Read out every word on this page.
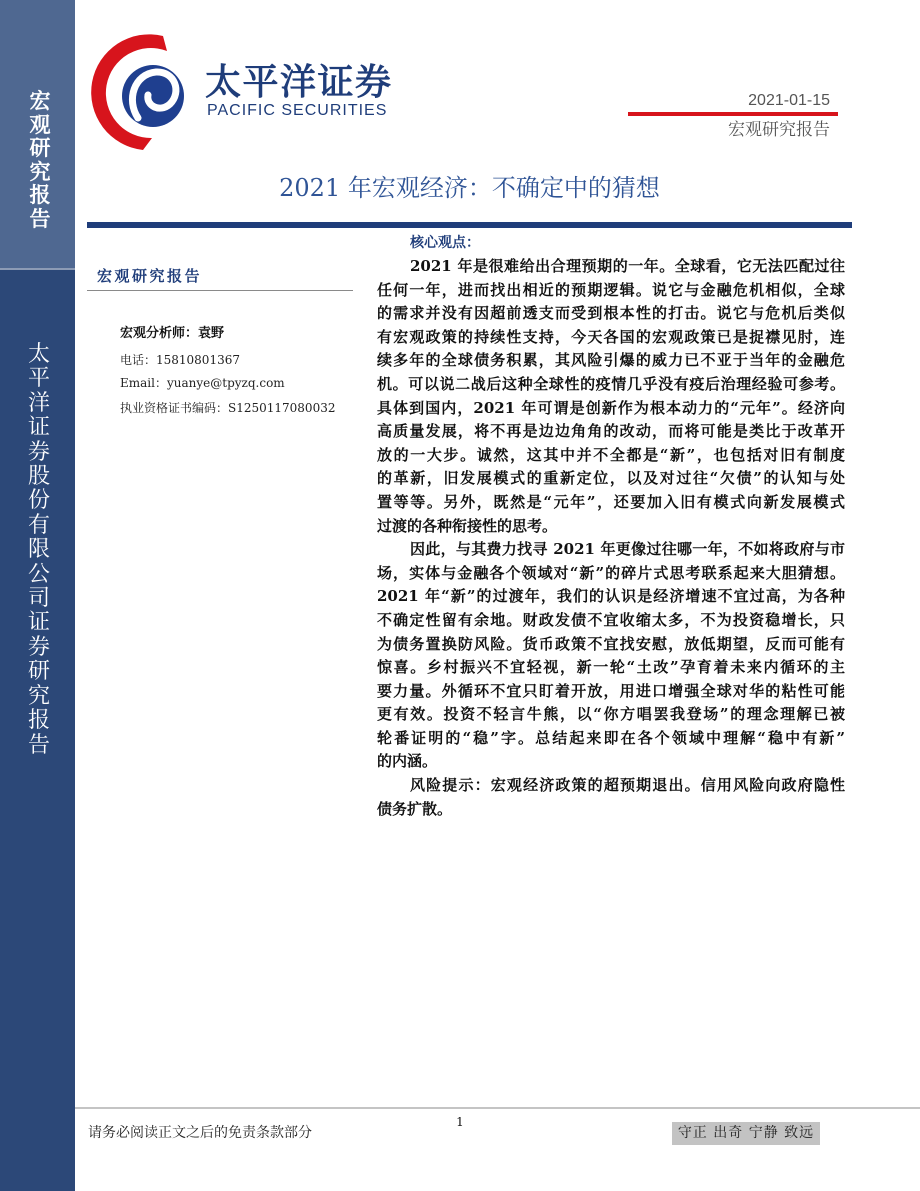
宏观研究报告
太平洋证券股份有限公司证券研究报告
太平洋证券
PACIFIC SECURITIES
2021-01-15
宏观研究报告
2021 年宏观经济：不确定中的猜想
宏观研究报告
宏观分析师：袁野
电话：15810801367
Email：yuanye@tpyzq.com
执业资格证书编码：S1250117080032
核心观点：
2021 年是很难给出合理预期的一年。全球看，它无法匹配过往
任何一年，进而找出相近的预期逻辑。说它与金融危机相似，全球
的需求并没有因超前透支而受到根本性的打击。说它与危机后类似
有宏观政策的持续性支持，今天各国的宏观政策已是捉襟见肘，连
续多年的全球债务积累，其风险引爆的威力已不亚于当年的金融危
机。可以说二战后这种全球性的疫情几乎没有疫后治理经验可参考。
具体到国内，2021 年可谓是创新作为根本动力的“元年”。经济向
高质量发展，将不再是边边角角的改动，而将可能是类比于改革开
放的一大步。诚然，这其中并不全都是“新”，也包括对旧有制度
的革新，旧发展模式的重新定位，以及对过往“欠债”的认知与处
置等等。另外，既然是“元年”，还要加入旧有模式向新发展模式
过渡的各种衔接性的思考。
因此，与其费力找寻 2021 年更像过往哪一年，不如将政府与市
场，实体与金融各个领域对“新”的碎片式思考联系起来大胆猜想。
2021 年“新”的过渡年，我们的认识是经济增速不宜过高，为各种
不确定性留有余地。财政发债不宜收缩太多，不为投资稳增长，只
为债务置换防风险。货币政策不宜找安慰，放低期望，反而可能有
惊喜。乡村振兴不宜轻视，新一轮“土改”孕育着未来内循环的主
要力量。外循环不宜只盯着开放，用进口增强全球对华的粘性可能
更有效。投资不轻言牛熊，以“你方唱罢我登场”的理念理解已被
轮番证明的“稳”字。总结起来即在各个领域中理解“稳中有新”
的内涵。
风险提示：宏观经济政策的超预期退出。信用风险向政府隐性
债务扩散。
1
请务必阅读正文之后的免责条款部分	守正 出奇 宁静 致远
